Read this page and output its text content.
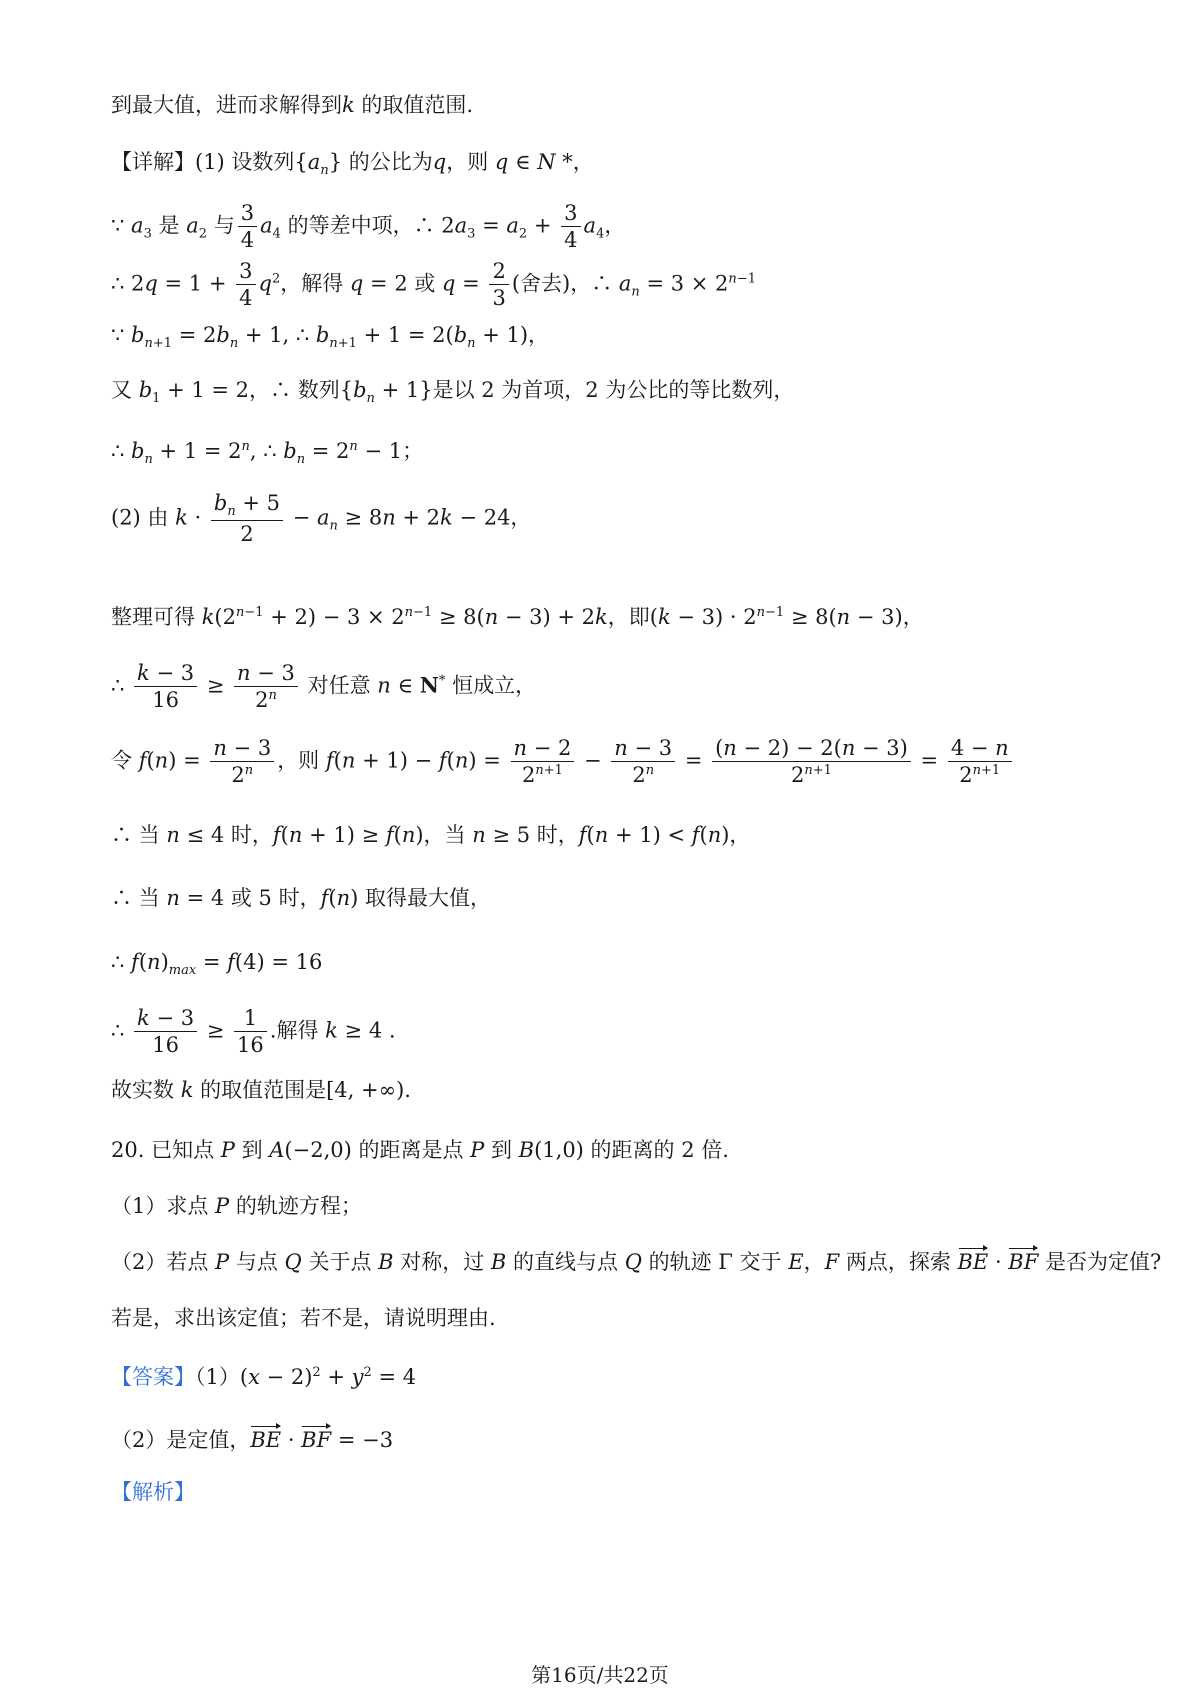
到最大值，进而求解得到k 的取值范围.
【详解】(1) 设数列$\{a_n\}$ 的公比为q，则 q ∈ N *，
∵ $a_3$ 是 $a_2$ 与 $\frac{3}{4} a_4$ 的等差中项，∴ $2a_3 = a_2 + \frac{3}{4} a_4$，
∴ $2q = 1 + \frac{3}{4} q^2$，解得 q = 2 或 $q = \frac{2}{3}$ (舍去)，∴ $a_n = 3 \times 2^{n-1}$
∵ $b_{n+1} = 2b_n + 1$, ∴ $b_{n+1} + 1 = 2(b_n + 1)$，
又 $b_1 + 1 = 2$，∴ 数列$\{b_n + 1\}$是以 2 为首项，2 为公比的等比数列，
∴ $b_n + 1 = 2^n$, ∴ $b_n = 2^n - 1$；
(2) 由 $k \cdot \frac{b_n + 5}{2} - a_n \ge 8n + 2k - 24$，
整理可得 $k(2^{n-1} + 2) - 3 \times 2^{n-1} \ge 8(n - 3) + 2k$，即$(k - 3) \cdot 2^{n-1} \ge 8(n - 3)$，
∴ $\frac{k - 3}{16} \ge \frac{n - 3}{2^n}$ 对任意 n ∈ N* 恒成立，
令 $f(n) = \frac{n - 3}{2^n}$ ，则 $f(n + 1) - f(n) = \frac{n - 2}{2^{n+1}} - \frac{n - 3}{2^n} = \frac{(n - 2) - 2(n - 3)}{2^{n+1}} = \frac{4 - n}{2^{n+1}}$
∴ 当 n ≤ 4 时，f(n + 1) ≥ f(n)，当 n ≥ 5 时，f(n + 1) < f(n)，
∴ 当 n = 4 或 5 时，f(n) 取得最大值，
∴ $f(n)_{max} = f(4) = 16$
∴ $\frac{k - 3}{16} \ge \frac{1}{16}$ .解得 k ≥ 4 .
故实数 k 的取值范围是[4, +∞).
20. 已知点 P 到 A(−2,0) 的距离是点 P 到 B(1,0) 的距离的 2 倍.
（1）求点 P 的轨迹方程；
（2）若点 P 与点 Q 关于点 B 对称，过 B 的直线与点 Q 的轨迹 Γ 交于 E，F 两点，探索 BE · BF 是否为定值?
若是，求出该定值；若不是，请说明理由.
【答案】$(1)(x - 2)^2 + y^2 = 4$
（2）是定值，BE · BF = −3
【解析】
第16页/共22页
